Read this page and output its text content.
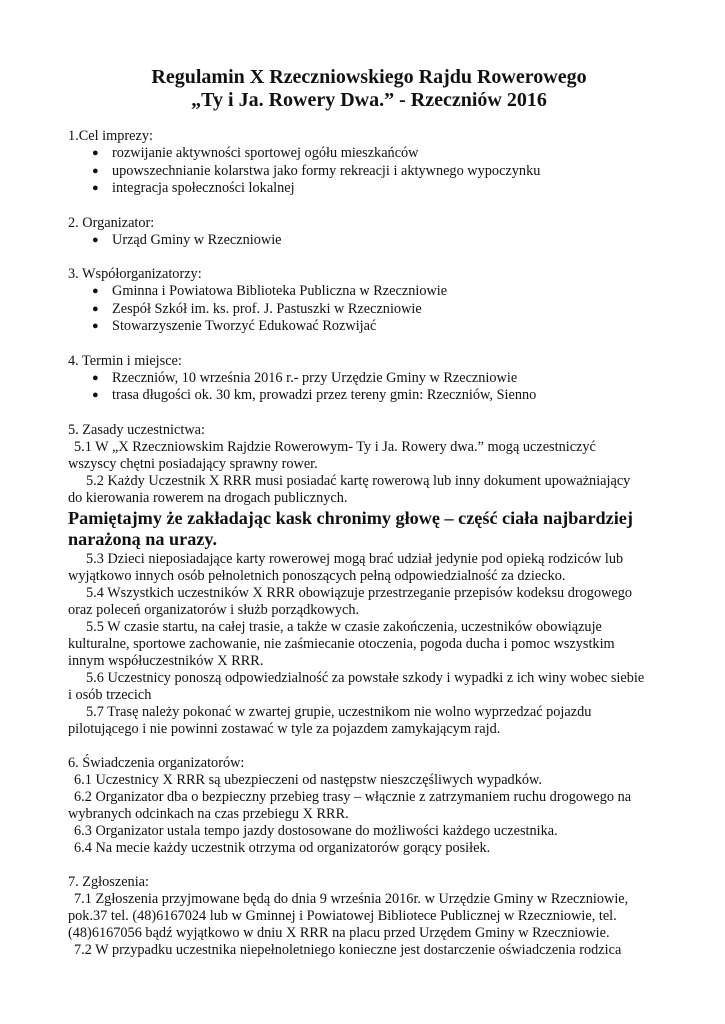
Regulamin X Rzeczniowskiego Rajdu Rowerowego
„Ty i Ja. Rowery Dwa.” - Rzeczniów 2016
1.Cel imprezy:
● rozwijanie aktywności sportowej ogółu mieszkańców
● upowszechnianie kolarstwa jako formy rekreacji i aktywnego wypoczynku
● integracja społeczności lokalnej
2. Organizator:
● Urząd Gminy w Rzeczniowie
3. Współorganizatorzy:
● Gminna i Powiatowa Biblioteka Publiczna w Rzeczniowie
● Zespół Szkół im. ks. prof. J. Pastuszki w Rzeczniowie
● Stowarzyszenie Tworzyć Edukować Rozwijać
4. Termin i miejsce:
● Rzeczniów, 10 września 2016 r.- przy Urzędzie Gminy w Rzeczniowie
● trasa długości ok. 30 km, prowadzi przez tereny gmin: Rzeczniów, Sienno
5. Zasady uczestnictwa:
5.1 W „X Rzeczniowskim Rajdzie Rowerowym- Ty i Ja. Rowery dwa.” mogą uczestniczyć
wszyscy chętni posiadający sprawny rower.
5.2 Każdy Uczestnik X RRR musi posiadać kartę rowerową lub inny dokument upoważniający
do kierowania rowerem na drogach publicznych.
Pamiętajmy że zakładając kask chronimy głowę – część ciała najbardziej
narażoną na urazy.
5.3 Dzieci nieposiadające karty rowerowej mogą brać udział jedynie pod opieką rodziców lub
wyjątkowo innych osób pełnoletnich ponoszących pełną odpowiedzialność za dziecko.
5.4 Wszystkich uczestników X RRR obowiązuje przestrzeganie przepisów kodeksu drogowego
oraz poleceń organizatorów i służb porządkowych.
5.5 W czasie startu, na całej trasie, a także w czasie zakończenia, uczestników obowiązuje
kulturalne, sportowe zachowanie, nie zaśmiecanie otoczenia, pogoda ducha i pomoc wszystkim
innym współuczestników X RRR.
5.6 Uczestnicy ponoszą odpowiedzialność za powstałe szkody i wypadki z ich winy wobec siebie
i osób trzecich
5.7 Trasę należy pokonać w zwartej grupie, uczestnikom nie wolno wyprzedzać pojazdu
pilotującego i nie powinni zostawać w tyle za pojazdem zamykającym rajd.
6. Świadczenia organizatorów:
6.1 Uczestnicy X RRR są ubezpieczeni od następstw nieszczęśliwych wypadków.
6.2 Organizator dba o bezpieczny przebieg trasy – włącznie z zatrzymaniem ruchu drogowego na
wybranych odcinkach na czas przebiegu X RRR.
6.3 Organizator ustala tempo jazdy dostosowane do możliwości każdego uczestnika.
6.4 Na mecie każdy uczestnik otrzyma od organizatorów gorący posiłek.
7. Zgłoszenia:
7.1 Zgłoszenia przyjmowane będą do dnia 9 września 2016r. w Urzędzie Gminy w Rzeczniowie,
pok.37 tel. (48)6167024 lub w Gminnej i Powiatowej Bibliotece Publicznej w Rzeczniowie, tel.
(48)6167056 bądź wyjątkowo w dniu X RRR na placu przed Urzędem Gminy w Rzeczniowie.
7.2 W przypadku uczestnika niepełnoletniego konieczne jest dostarczenie oświadczenia rodzica
